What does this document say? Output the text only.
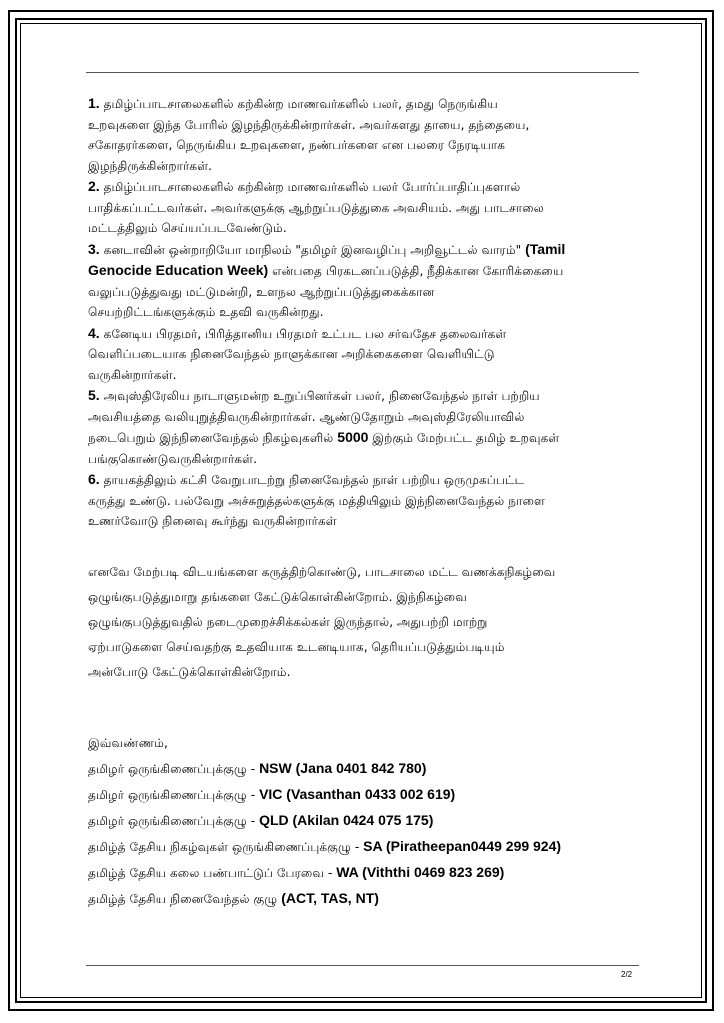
1. தமிழ்ப்பாடசாலைகளில் கற்கின்ற மாணவர்களில் பலர், தமது நெருங்கிய

உறவுகளை இந்த போரில் இழந்திருக்கின்றார்கள். அவர்களது தாயை, தந்தையை,

சகோதரர்களை, நெருங்கிய உறவுகளை, நண்பர்களை என பலரை நேரடியாக

இழந்திருக்கின்றார்கள்.

2. தமிழ்ப்பாடசாலைகளில் கற்கின்ற மாணவர்களில் பலர் போர்ப்பாதிப்புகளால்

பாதிக்கப்பட்டவர்கள். அவர்களுக்கு ஆற்றுப்படுத்துகை அவசியம். அது பாடசாலை

மட்டத்திலும் செய்யப்படவேண்டும்.

3. கனடாவின் ஒன்றாறியோ மாநிலம் "தமிழர் இனவழிப்பு அறிவூட்டல் வாரம்" (Tamil

Genocide Education Week) என்பதை பிரகடனப்படுத்தி, நீதிக்கான கோரிக்கையை

வலுப்படுத்துவது மட்டுமன்றி, உளநல ஆற்றுப்படுத்துகைக்கான

செயற்றிட்டங்களுக்கும் உதவி வருகின்றது.

4. கனேடிய பிரதமர், பிரித்தானிய பிரதமர் உட்பட பல சர்வதேச தலைவர்கள்

வெளிப்படையாக நினைவேந்தல் நாளுக்கான அறிக்கைகளை வெளியிட்டு

வருகின்றார்கள்.

5. அவுஸ்திரேலிய நாடாளுமன்ற உறுப்பினர்கள் பலர், நினைவேந்தல் நாள் பற்றிய

அவசியத்தை வலியுறுத்திவருகின்றார்கள். ஆண்டுதோறும் அவுஸ்திரேலியாவில்

நடைபெறும் இந்நினைவேந்தல் நிகழ்வுகளில் 5000 இற்கும் மேற்பட்ட தமிழ் உறவுகள்

பங்குகொண்டுவருகின்றார்கள்.

6. தாயகத்திலும் கட்சி வேறுபாடற்று நினைவேந்தல் நாள் பற்றிய ஒருமுகப்பட்ட

கருத்து உண்டு. பல்வேறு அச்சுறுத்தல்களுக்கு மத்தியிலும் இந்நினைவேந்தல் நாளை

உணர்வோடு நினைவு கூர்ந்து வருகின்றார்கள்

எனவே மேற்படி விடயங்களை கருத்திற்கொண்டு, பாடசாலை மட்ட வணக்கநிகழ்வை

ஒழுங்குபடுத்துமாறு தங்களை கேட்டுக்கொள்கின்றோம். இந்நிகழ்வை

ஒழுங்குபடுத்துவதில் நடைமுறைச்சிக்கல்கள் இருந்தால், அதுபற்றி மாற்று

ஏற்பாடுகளை செய்வதற்கு உதவியாக உடனடியாக, தெரியப்படுத்தும்படியும்

அன்போடு கேட்டுக்கொள்கின்றோம்.

இவ்வண்ணம்,

தமிழர் ஒருங்கிணைப்புக்குழு - NSW (Jana 0401 842 780)

தமிழர் ஒருங்கிணைப்புக்குழு - VIC (Vasanthan 0433 002 619)

தமிழர் ஒருங்கிணைப்புக்குழு - QLD (Akilan 0424 075 175)

தமிழ்த் தேசிய நிகழ்வுகள் ஒருங்கிணைப்புக்குழு - SA (Piratheepan0449 299 924)

தமிழ்த் தேசிய கலை பண்பாட்டுப் பேரவை - WA (Viththi 0469 823 269)

தமிழ்த் தேசிய நினைவேந்தல் குழு (ACT, TAS, NT)

2/2
